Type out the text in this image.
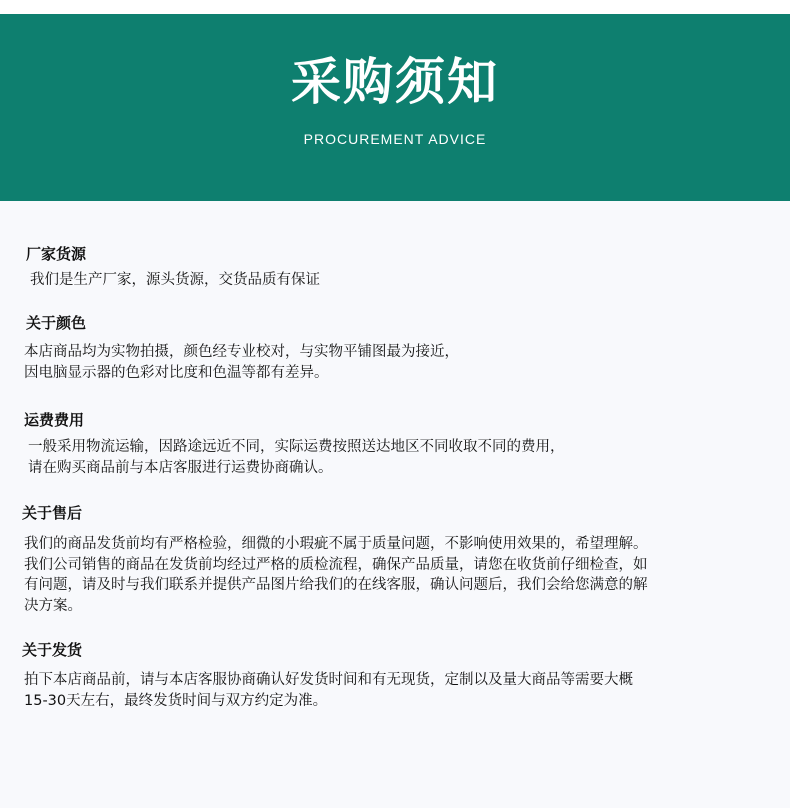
采购须知
PROCUREMENT ADVICE
厂家货源
我们是生产厂家，源头货源，交货品质有保证
关于颜色
本店商品均为实物拍摄，颜色经专业校对，与实物平铺图最为接近，
因电脑显示器的色彩对比度和色温等都有差异。
运费费用
一般采用物流运输，因路途远近不同，实际运费按照送达地区不同收取不同的费用，
请在购买商品前与本店客服进行运费协商确认。
关于售后
我们的商品发货前均有严格检验，细微的小瑕疵不属于质量问题，不影响使用效果的，希望理解。
我们公司销售的商品在发货前均经过严格的质检流程，确保产品质量，请您在收货前仔细检查，如
有问题，请及时与我们联系并提供产品图片给我们的在线客服，确认问题后，我们会给您满意的解
决方案。
关于发货
拍下本店商品前，请与本店客服协商确认好发货时间和有无现货，定制以及量大商品等需要大概
15-30天左右，最终发货时间与双方约定为准。
